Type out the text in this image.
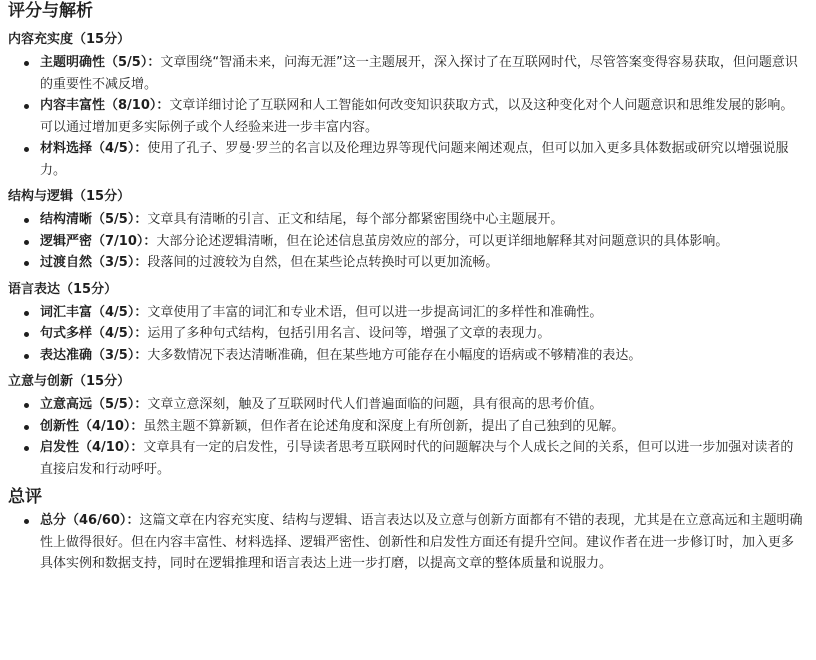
评分与解析
内容充实度（15分）
主题明确性（5/5）：文章围绕“智涌未来，问海无涯”这一主题展开，深入探讨了在互联网时代，尽管答案变得容易获取，但问题意识的重要性不减反增。
内容丰富性（8/10）：文章详细讨论了互联网和人工智能如何改变知识获取方式，以及这种变化对个人问题意识和思维发展的影响。可以通过增加更多实际例子或个人经验来进一步丰富内容。
材料选择（4/5）：使用了孔子、罗曼·罗兰的名言以及伦理边界等现代问题来阐述观点，但可以加入更多具体数据或研究以增强说服力。
结构与逻辑（15分）
结构清晰（5/5）：文章具有清晰的引言、正文和结尾，每个部分都紧密围绕中心主题展开。
逻辑严密（7/10）：大部分论述逻辑清晰，但在论述信息茧房效应的部分，可以更详细地解释其对问题意识的具体影响。
过渡自然（3/5）：段落间的过渡较为自然，但在某些论点转换时可以更加流畅。
语言表达（15分）
词汇丰富（4/5）：文章使用了丰富的词汇和专业术语，但可以进一步提高词汇的多样性和准确性。
句式多样（4/5）：运用了多种句式结构，包括引用名言、设问等，增强了文章的表现力。
表达准确（3/5）：大多数情况下表达清晰准确，但在某些地方可能存在小幅度的语病或不够精准的表达。
立意与创新（15分）
立意高远（5/5）：文章立意深刻，触及了互联网时代人们普遍面临的问题，具有很高的思考价值。
创新性（4/10）：虽然主题不算新颖，但作者在论述角度和深度上有所创新，提出了自己独到的见解。
启发性（4/10）：文章具有一定的启发性，引导读者思考互联网时代的问题解决与个人成长之间的关系，但可以进一步加强对读者的直接启发和行动呼吁。
总评
总分（46/60）：这篇文章在内容充实度、结构与逻辑、语言表达以及立意与创新方面都有不错的表现，尤其是在立意高远和主题明确性上做得很好。但在内容丰富性、材料选择、逻辑严密性、创新性和启发性方面还有提升空间。建议作者在进一步修订时，加入更多具体实例和数据支持，同时在逻辑推理和语言表达上进一步打磨，以提高文章的整体质量和说服力。
